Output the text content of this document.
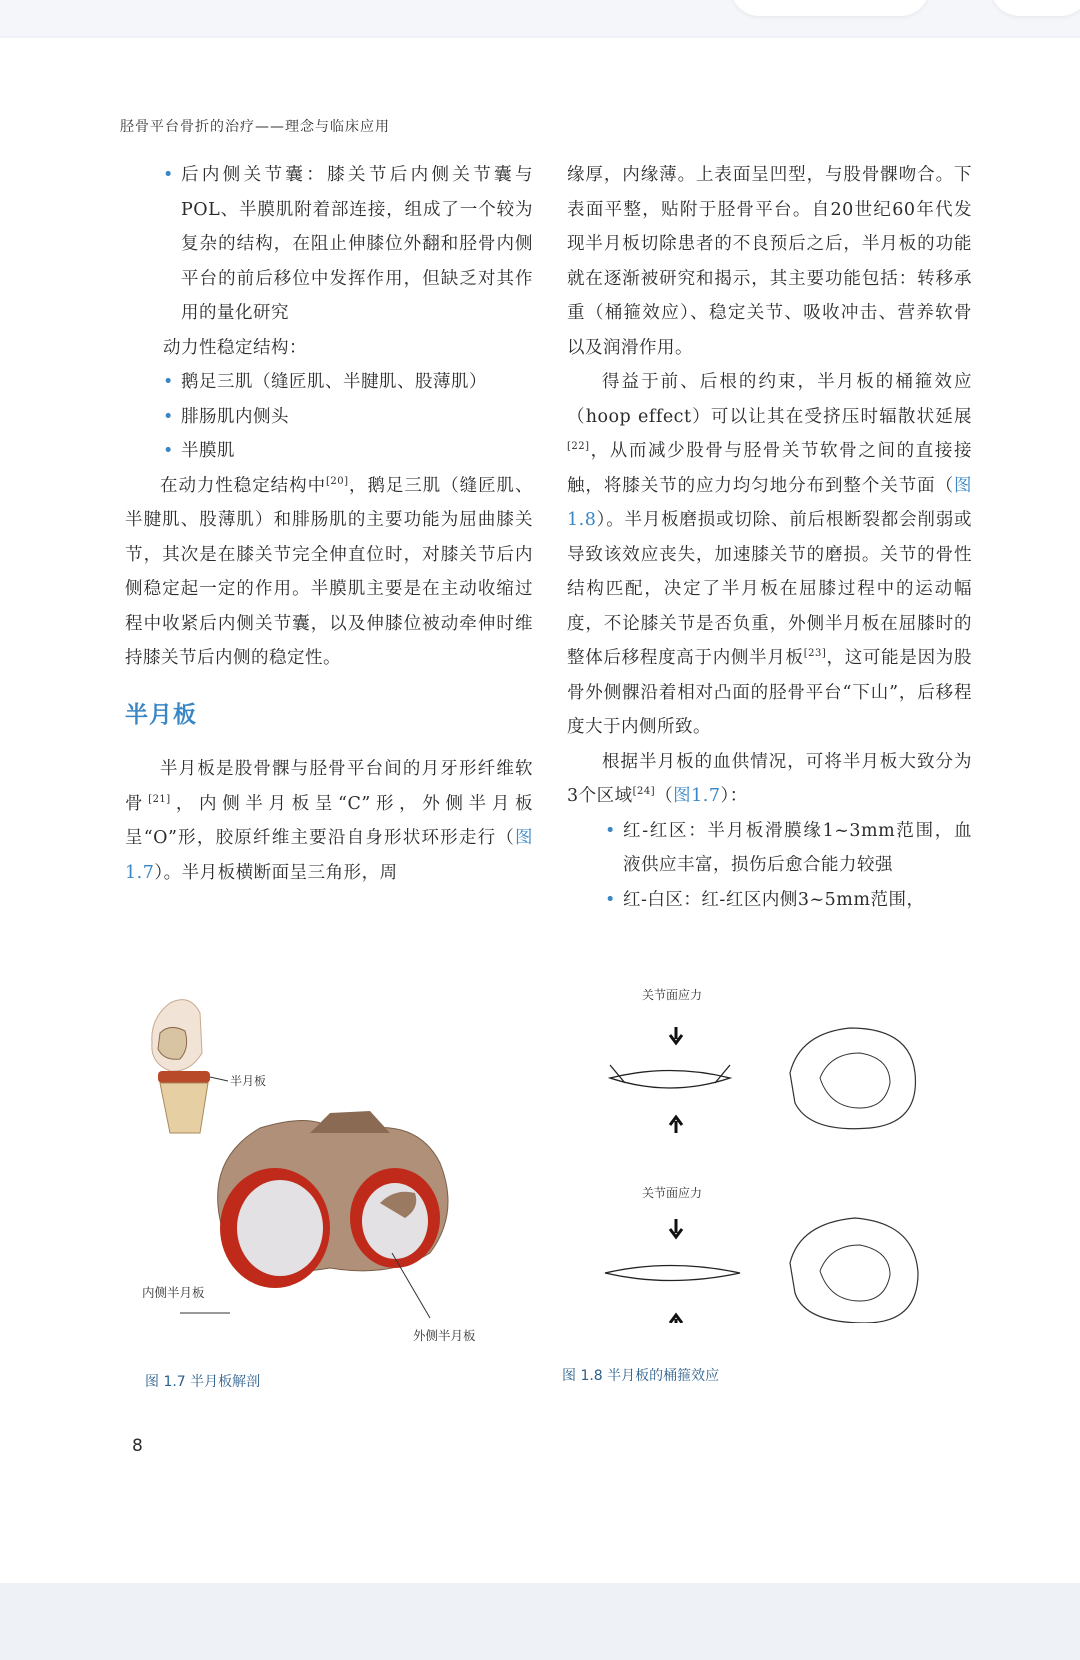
胫骨平台骨折的治疗——理念与临床应用
• 后内侧关节囊：膝关节后内侧关节囊与POL、半膜肌附着部连接，组成了一个较为复杂的结构，在阻止伸膝位外翻和胫骨内侧平台的前后移位中发挥作用，但缺乏对其作用的量化研究
动力性稳定结构：
• 鹅足三肌（缝匠肌、半腱肌、股薄肌）
• 腓肠肌内侧头
• 半膜肌

在动力性稳定结构中[20]，鹅足三肌（缝匠肌、半腱肌、股薄肌）和腓肠肌的主要功能为屈曲膝关节，其次是在膝关节完全伸直位时，对膝关节后内侧稳定起一定的作用。半膜肌主要是在主动收缩过程中收紧后内侧关节囊，以及伸膝位被动牵伸时维持膝关节后内侧的稳定性。

半月板

半月板是股骨髁与胫骨平台间的月牙形纤维软骨[21]，内侧半月板呈“C”形，外侧半月板呈“O”形，胶原纤维主要沿自身形状环形走行（图1.7）。半月板横断面呈三角形，周

缘厚，内缘薄。上表面呈凹型，与股骨髁吻合。下表面平整，贴附于胫骨平台。自20世纪60年代发现半月板切除患者的不良预后之后，半月板的功能就在逐渐被研究和揭示，其主要功能包括：转移承重（桶箍效应）、稳定关节、吸收冲击、营养软骨以及润滑作用。

得益于前、后根的约束，半月板的桶箍效应（hoop effect）可以让其在受挤压时辐散状延展[22]，从而减少股骨与胫骨关节软骨之间的直接接触，将膝关节的应力均匀地分布到整个关节面（图1.8）。半月板磨损或切除、前后根断裂都会削弱或导致该效应丧失，加速膝关节的磨损。关节的骨性结构匹配，决定了半月板在屈膝过程中的运动幅度，不论膝关节是否负重，外侧半月板在屈膝时的整体后移程度高于内侧半月板[23]，这可能是因为股骨外侧髁沿着相对凸面的胫骨平台“下山”，后移程度大于内侧所致。

根据半月板的血供情况，可将半月板大致分为3个区域[24]（图1.7）：

• 红-红区：半月板滑膜缘1~3mm范围，血液供应丰富，损伤后愈合能力较强
• 红-白区：红-红区内侧3~5mm范围，
半月板
内侧半月板
外侧半月板
图 1.7 半月板解剖
关节面应力
关节面应力
图 1.8 半月板的桶箍效应
8
